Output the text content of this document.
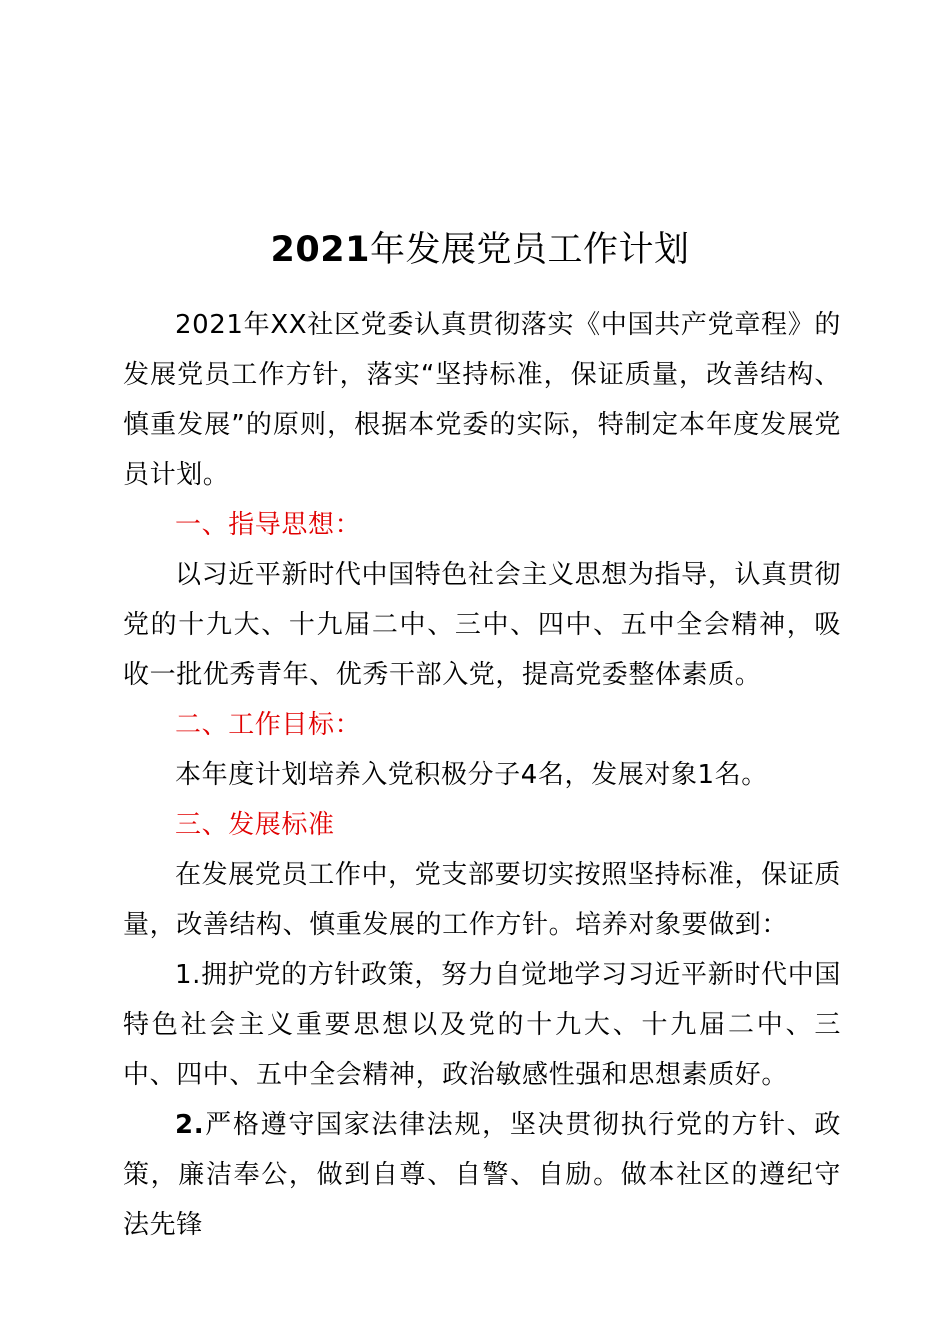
2021年发展党员工作计划

2021年XX社区党委认真贯彻落实《中国共产党章程》的发展党员工作方针，落实“坚持标准，保证质量，改善结构、慎重发展”的原则，根据本党委的实际，特制定本年度发展党员计划。

一、指导思想：

以习近平新时代中国特色社会主义思想为指导，认真贯彻党的十九大、十九届二中、三中、四中、五中全会精神，吸收一批优秀青年、优秀干部入党，提高党委整体素质。

二、工作目标：

本年度计划培养入党积极分子4名，发展对象1名。

三、发展标准

在发展党员工作中，党支部要切实按照坚持标准，保证质量，改善结构、慎重发展的工作方针。培养对象要做到：

1.拥护党的方针政策，努力自觉地学习习近平新时代中国特色社会主义重要思想以及党的十九大、十九届二中、三中、四中、五中全会精神，政治敏感性强和思想素质好。

2.严格遵守国家法律法规，坚决贯彻执行党的方针、政策，廉洁奉公，做到自尊、自警、自励。做本社区的遵纪守法先锋
